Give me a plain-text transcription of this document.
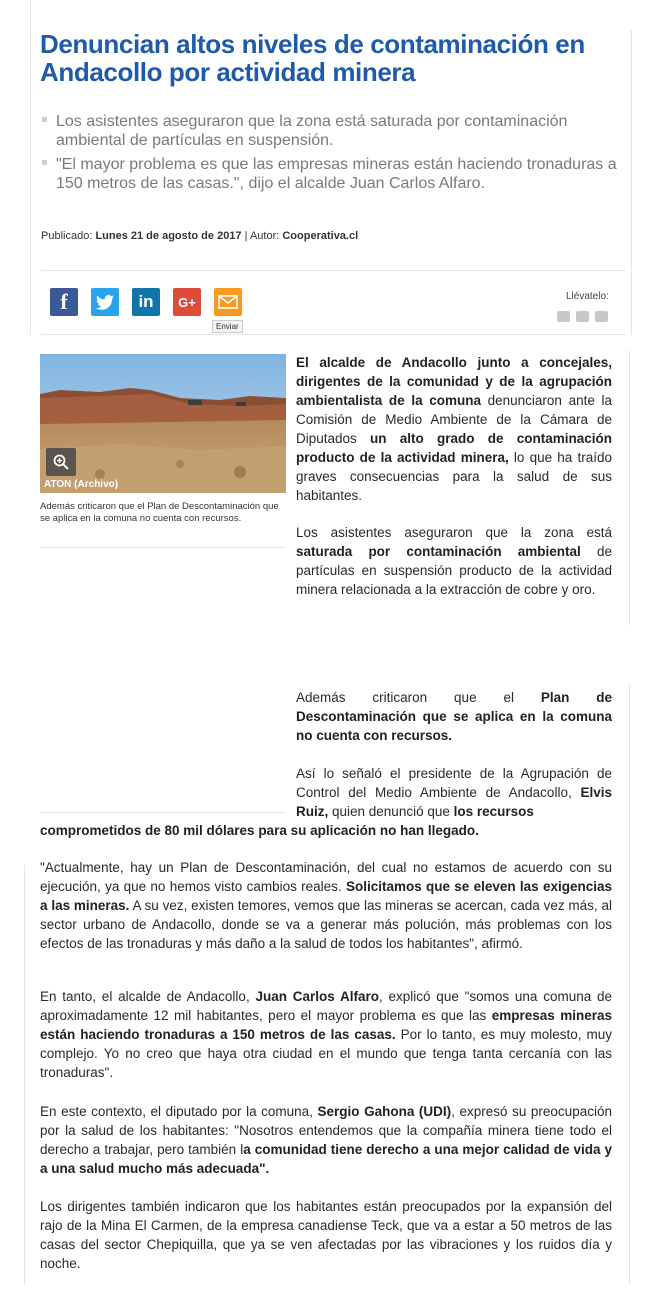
Denuncian altos niveles de contaminación en Andacollo por actividad minera
Los asistentes aseguraron que la zona está saturada por contaminación ambiental de partículas en suspensión.
"El mayor problema es que las empresas mineras están haciendo tronaduras a 150 metros de las casas.", dijo el alcalde Juan Carlos Alfaro.
Publicado: Lunes 21 de agosto de 2017 | Autor: Cooperativa.cl
f	in G+
Enviar
Llévatelo:
ATON (Archivo)
Además criticaron que el Plan de Descontaminación que se aplica en la comuna no cuenta con recursos.

El alcalde de Andacollo junto a concejales, dirigentes de la comunidad y de la agrupación ambientalista de la comuna denunciaron ante la Comisión de Medio Ambiente de la Cámara de Diputados un alto grado de contaminación producto de la actividad minera, lo que ha traído graves consecuencias para la salud de sus habitantes.

Los asistentes aseguraron que la zona está saturada por contaminación ambiental de partículas en suspensión producto de la actividad minera relacionada a la extracción de cobre y oro.

Además criticaron que el Plan de Descontaminación que se aplica en la comuna no cuenta con recursos.

Así lo señaló el presidente de la Agrupación de Control del Medio Ambiente de Andacollo, Elvis Ruiz, quien denunció que los recursos

comprometidos de 80 mil dólares para su aplicación no han llegado.

"Actualmente, hay un Plan de Descontaminación, del cual no estamos de acuerdo con su ejecución, ya que no hemos visto cambios reales. Solicitamos que se eleven las exigencias a las mineras. A su vez, existen temores, vemos que las mineras se acercan, cada vez más, al sector urbano de Andacollo, donde se va a generar más polución, más problemas con los efectos de las tronaduras y más daño a la salud de todos los habitantes", afirmó.

En tanto, el alcalde de Andacollo, Juan Carlos Alfaro, explicó que "somos una comuna de aproximadamente 12 mil habitantes, pero el mayor problema es que las empresas mineras están haciendo tronaduras a 150 metros de las casas. Por lo tanto, es muy molesto, muy complejo. Yo no creo que haya otra ciudad en el mundo que tenga tanta cercanía con las tronaduras".

En este contexto, el diputado por la comuna, Sergio Gahona (UDI), expresó su preocupación por la salud de los habitantes: "Nosotros entendemos que la compañía minera tiene todo el derecho a trabajar, pero también la comunidad tiene derecho a una mejor calidad de vida y a una salud mucho más adecuada".

Los dirigentes también indicaron que los habitantes están preocupados por la expansión del rajo de la Mina El Carmen, de la empresa canadiense Teck, que va a estar a 50 metros de las casas del sector Chepiquilla, que ya se ven afectadas por las vibraciones y los ruidos día y noche.
